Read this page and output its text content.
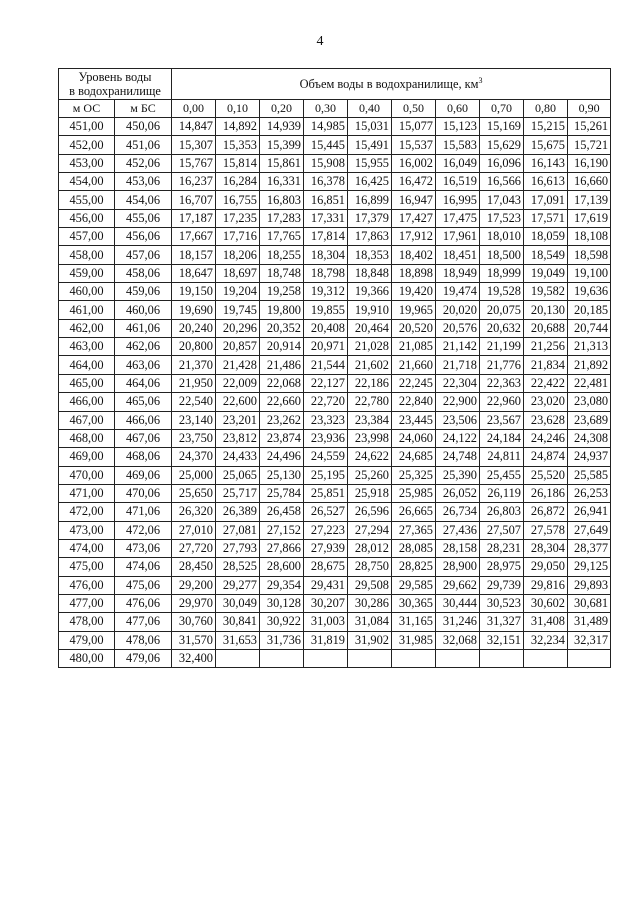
4
Уровень воды
в водохранилище		Объем воды в водохранилище, $км^3$
м ОС	м БС	0,00	0,10	0,20	0,30	0,40	0,50	0,60	0,70	0,80	0,90
451,00	450,06	14,847	14,892	14,939	14,985	15,031	15,077	15,123	15,169	15,215	15,261
452,00	451,06	15,307	15,353	15,399	15,445	15,491	15,537	15,583	15,629	15,675	15,721
453,00	452,06	15,767	15,814	15,861	15,908	15,955	16,002	16,049	16,096	16,143	16,190
454,00	453,06	16,237	16,284	16,331	16,378	16,425	16,472	16,519	16,566	16,613	16,660
455,00	454,06	16,707	16,755	16,803	16,851	16,899	16,947	16,995	17,043	17,091	17,139
456,00	455,06	17,187	17,235	17,283	17,331	17,379	17,427	17,475	17,523	17,571	17,619
457,00	456,06	17,667	17,716	17,765	17,814	17,863	17,912	17,961	18,010	18,059	18,108
458,00	457,06	18,157	18,206	18,255	18,304	18,353	18,402	18,451	18,500	18,549	18,598
459,00	458,06	18,647	18,697	18,748	18,798	18,848	18,898	18,949	18,999	19,049	19,100
460,00	459,06	19,150	19,204	19,258	19,312	19,366	19,420	19,474	19,528	19,582	19,636
461,00	460,06	19,690	19,745	19,800	19,855	19,910	19,965	20,020	20,075	20,130	20,185
462,00	461,06	20,240	20,296	20,352	20,408	20,464	20,520	20,576	20,632	20,688	20,744
463,00	462,06	20,800	20,857	20,914	20,971	21,028	21,085	21,142	21,199	21,256	21,313
464,00	463,06	21,370	21,428	21,486	21,544	21,602	21,660	21,718	21,776	21,834	21,892
465,00	464,06	21,950	22,009	22,068	22,127	22,186	22,245	22,304	22,363	22,422	22,481
466,00	465,06	22,540	22,600	22,660	22,720	22,780	22,840	22,900	22,960	23,020	23,080
467,00	466,06	23,140	23,201	23,262	23,323	23,384	23,445	23,506	23,567	23,628	23,689
468,00	467,06	23,750	23,812	23,874	23,936	23,998	24,060	24,122	24,184	24,246	24,308
469,00	468,06	24,370	24,433	24,496	24,559	24,622	24,685	24,748	24,811	24,874	24,937
470,00	469,06	25,000	25,065	25,130	25,195	25,260	25,325	25,390	25,455	25,520	25,585
471,00	470,06	25,650	25,717	25,784	25,851	25,918	25,985	26,052	26,119	26,186	26,253
472,00	471,06	26,320	26,389	26,458	26,527	26,596	26,665	26,734	26,803	26,872	26,941
473,00	472,06	27,010	27,081	27,152	27,223	27,294	27,365	27,436	27,507	27,578	27,649
474,00	473,06	27,720	27,793	27,866	27,939	28,012	28,085	28,158	28,231	28,304	28,377
475,00	474,06	28,450	28,525	28,600	28,675	28,750	28,825	28,900	28,975	29,050	29,125
476,00	475,06	29,200	29,277	29,354	29,431	29,508	29,585	29,662	29,739	29,816	29,893
477,00	476,06	29,970	30,049	30,128	30,207	30,286	30,365	30,444	30,523	30,602	30,681
478,00	477,06	30,760	30,841	30,922	31,003	31,084	31,165	31,246	31,327	31,408	31,489
479,00	478,06	31,570	31,653	31,736	31,819	31,902	31,985	32,068	32,151	32,234	32,317
480,00	479,06	32,400									
